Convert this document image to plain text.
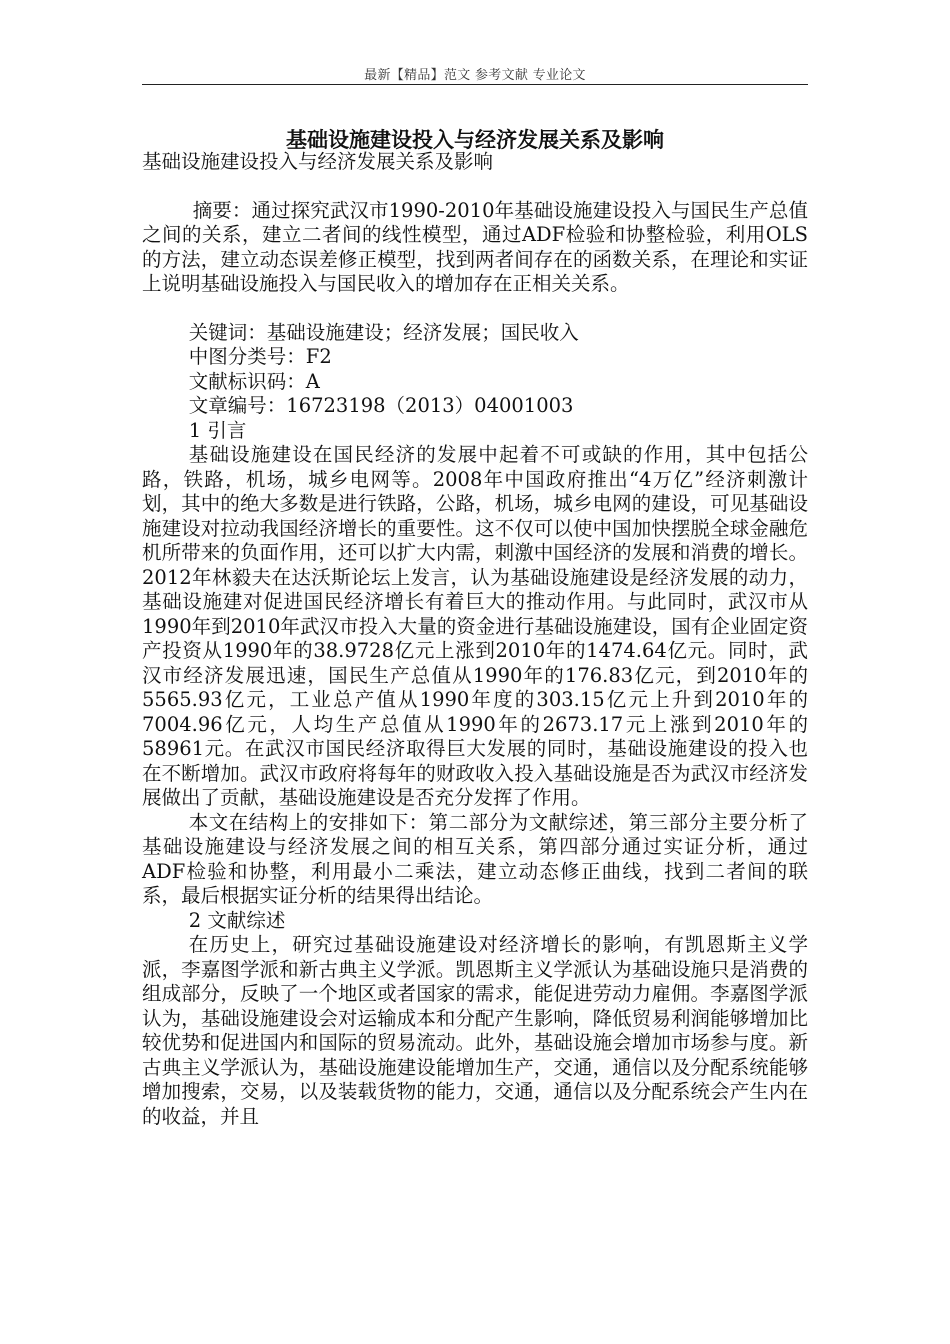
最新【精品】范文 参考文献 专业论文
基础设施建设投入与经济发展关系及影响

基础设施建设投入与经济发展关系及影响

摘要：通过探究武汉市1990-2010年基础设施建设投入与国民生产总值之间的关系，建立二者间的线性模型，通过ADF检验和协整检验，利用OLS的方法，建立动态误差修正模型，找到两者间存在的函数关系，在理论和实证上说明基础设施投入与国民收入的增加存在正相关关系。

关键词：基础设施建设；经济发展；国民收入

中图分类号：F2

文献标识码：A

文章编号：16723198（2013）04001003

1 引言

基础设施建设在国民经济的发展中起着不可或缺的作用，其中包括公路，铁路，机场，城乡电网等。2008年中国政府推出“4万亿”经济刺激计划，其中的绝大多数是进行铁路，公路，机场，城乡电网的建设，可见基础设施建设对拉动我国经济增长的重要性。这不仅可以使中国加快摆脱全球金融危机所带来的负面作用，还可以扩大内需，刺激中国经济的发展和消费的增长。2012年林毅夫在达沃斯论坛上发言，认为基础设施建设是经济发展的动力，基础设施建对促进国民经济增长有着巨大的推动作用。与此同时，武汉市从1990年到2010年武汉市投入大量的资金进行基础设施建设，国有企业固定资产投资从1990年的38.9728亿元上涨到2010年的1474.64亿元。同时，武汉市经济发展迅速，国民生产总值从1990年的176.83亿元，到2010年的5565.93亿元，工业总产值从1990年度的303.15亿元上升到2010年的7004.96亿元，人均生产总值从1990年的2673.17元上涨到2010年的58961元。在武汉市国民经济取得巨大发展的同时，基础设施建设的投入也在不断增加。武汉市政府将每年的财政收入投入基础设施是否为武汉市经济发展做出了贡献，基础设施建设是否充分发挥了作用。

本文在结构上的安排如下：第二部分为文献综述，第三部分主要分析了基础设施建设与经济发展之间的相互关系，第四部分通过实证分析，通过ADF检验和协整，利用最小二乘法，建立动态修正曲线，找到二者间的联系，最后根据实证分析的结果得出结论。

2 文献综述

在历史上，研究过基础设施建设对经济增长的影响，有凯恩斯主义学派，李嘉图学派和新古典主义学派。凯恩斯主义学派认为基础设施只是消费的组成部分，反映了一个地区或者国家的需求，能促进劳动力雇佣。李嘉图学派认为，基础设施建设会对运输成本和分配产生影响，降低贸易利润能够增加比较优势和促进国内和国际的贸易流动。此外，基础设施会增加市场参与度。新古典主义学派认为，基础设施建设能增加生产，交通，通信以及分配系统能够增加搜索，交易，以及装载货物的能力，交通，通信以及分配系统会产生内在的收益，并且
